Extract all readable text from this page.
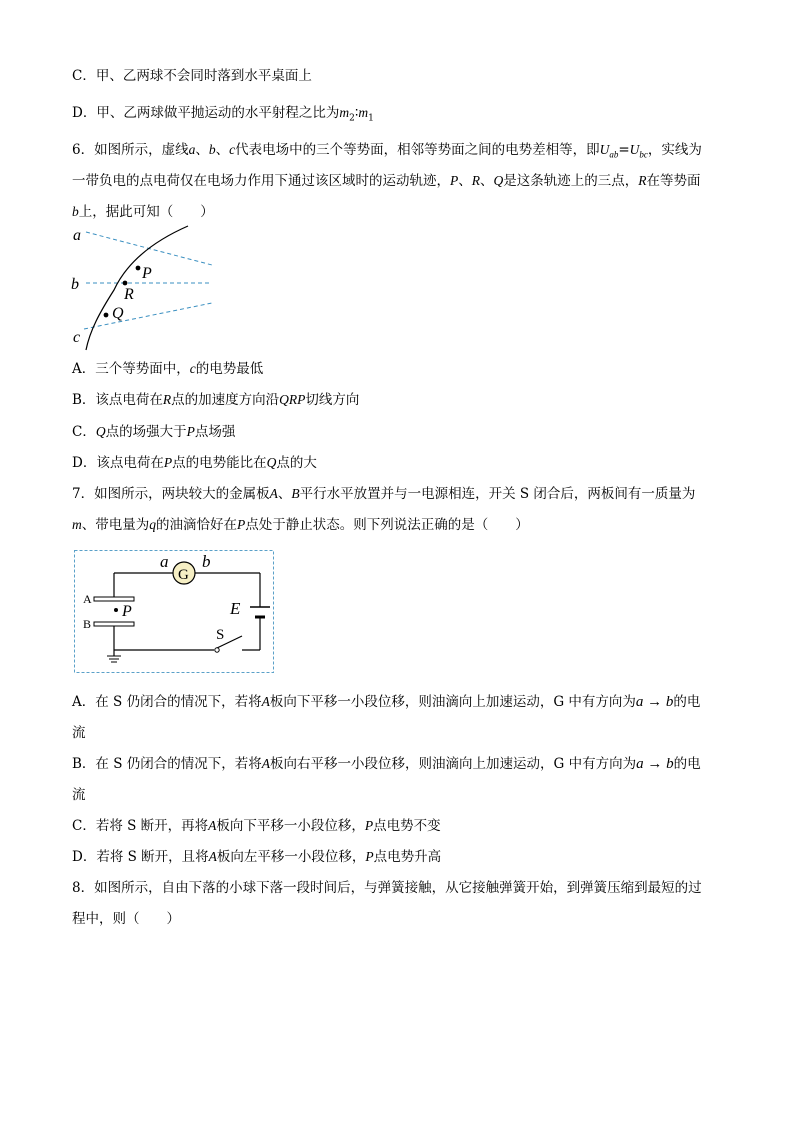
C．甲、乙两球不会同时落到水平桌面上
D．甲、乙两球做平抛运动的水平射程之比为$m_2∶m_1$
6．如图所示，虚线a、b、c代表电场中的三个等势面，相邻等势面之间的电势差相等，即$U_{ab}=U_{bc}$，实线为
一带负电的点电荷仅在电场力作用下通过该区域时的运动轨迹，P、R、Q是这条轨迹上的三点，R在等势面
b上，据此可知（　　）
a
b
c
P
R
Q
A．三个等势面中，c的电势最低
B．该点电荷在R点的加速度方向沿QRP切线方向
C．Q点的场强大于P点场强
D．该点电荷在P点的电势能比在Q点的大
7．如图所示，两块较大的金属板A、B平行水平放置并与一电源相连，开关 S 闭合后，两板间有一质量为
m、带电量为q的油滴恰好在P点处于静止状态。则下列说法正确的是（　　）
G
a b
A
B
P	E
S
A．在 S 仍闭合的情况下，若将A板向下平移一小段位移，则油滴向上加速运动，G 中有方向为a → b的电
流
B．在 S 仍闭合的情况下，若将A板向右平移一小段位移，则油滴向上加速运动，G 中有方向为a → b的电
流
C．若将 S 断开，再将A板向下平移一小段位移，P点电势不变
D．若将 S 断开，且将A板向左平移一小段位移，P点电势升高
8．如图所示，自由下落的小球下落一段时间后，与弹簧接触，从它接触弹簧开始，到弹簧压缩到最短的过
程中，则（　　）
